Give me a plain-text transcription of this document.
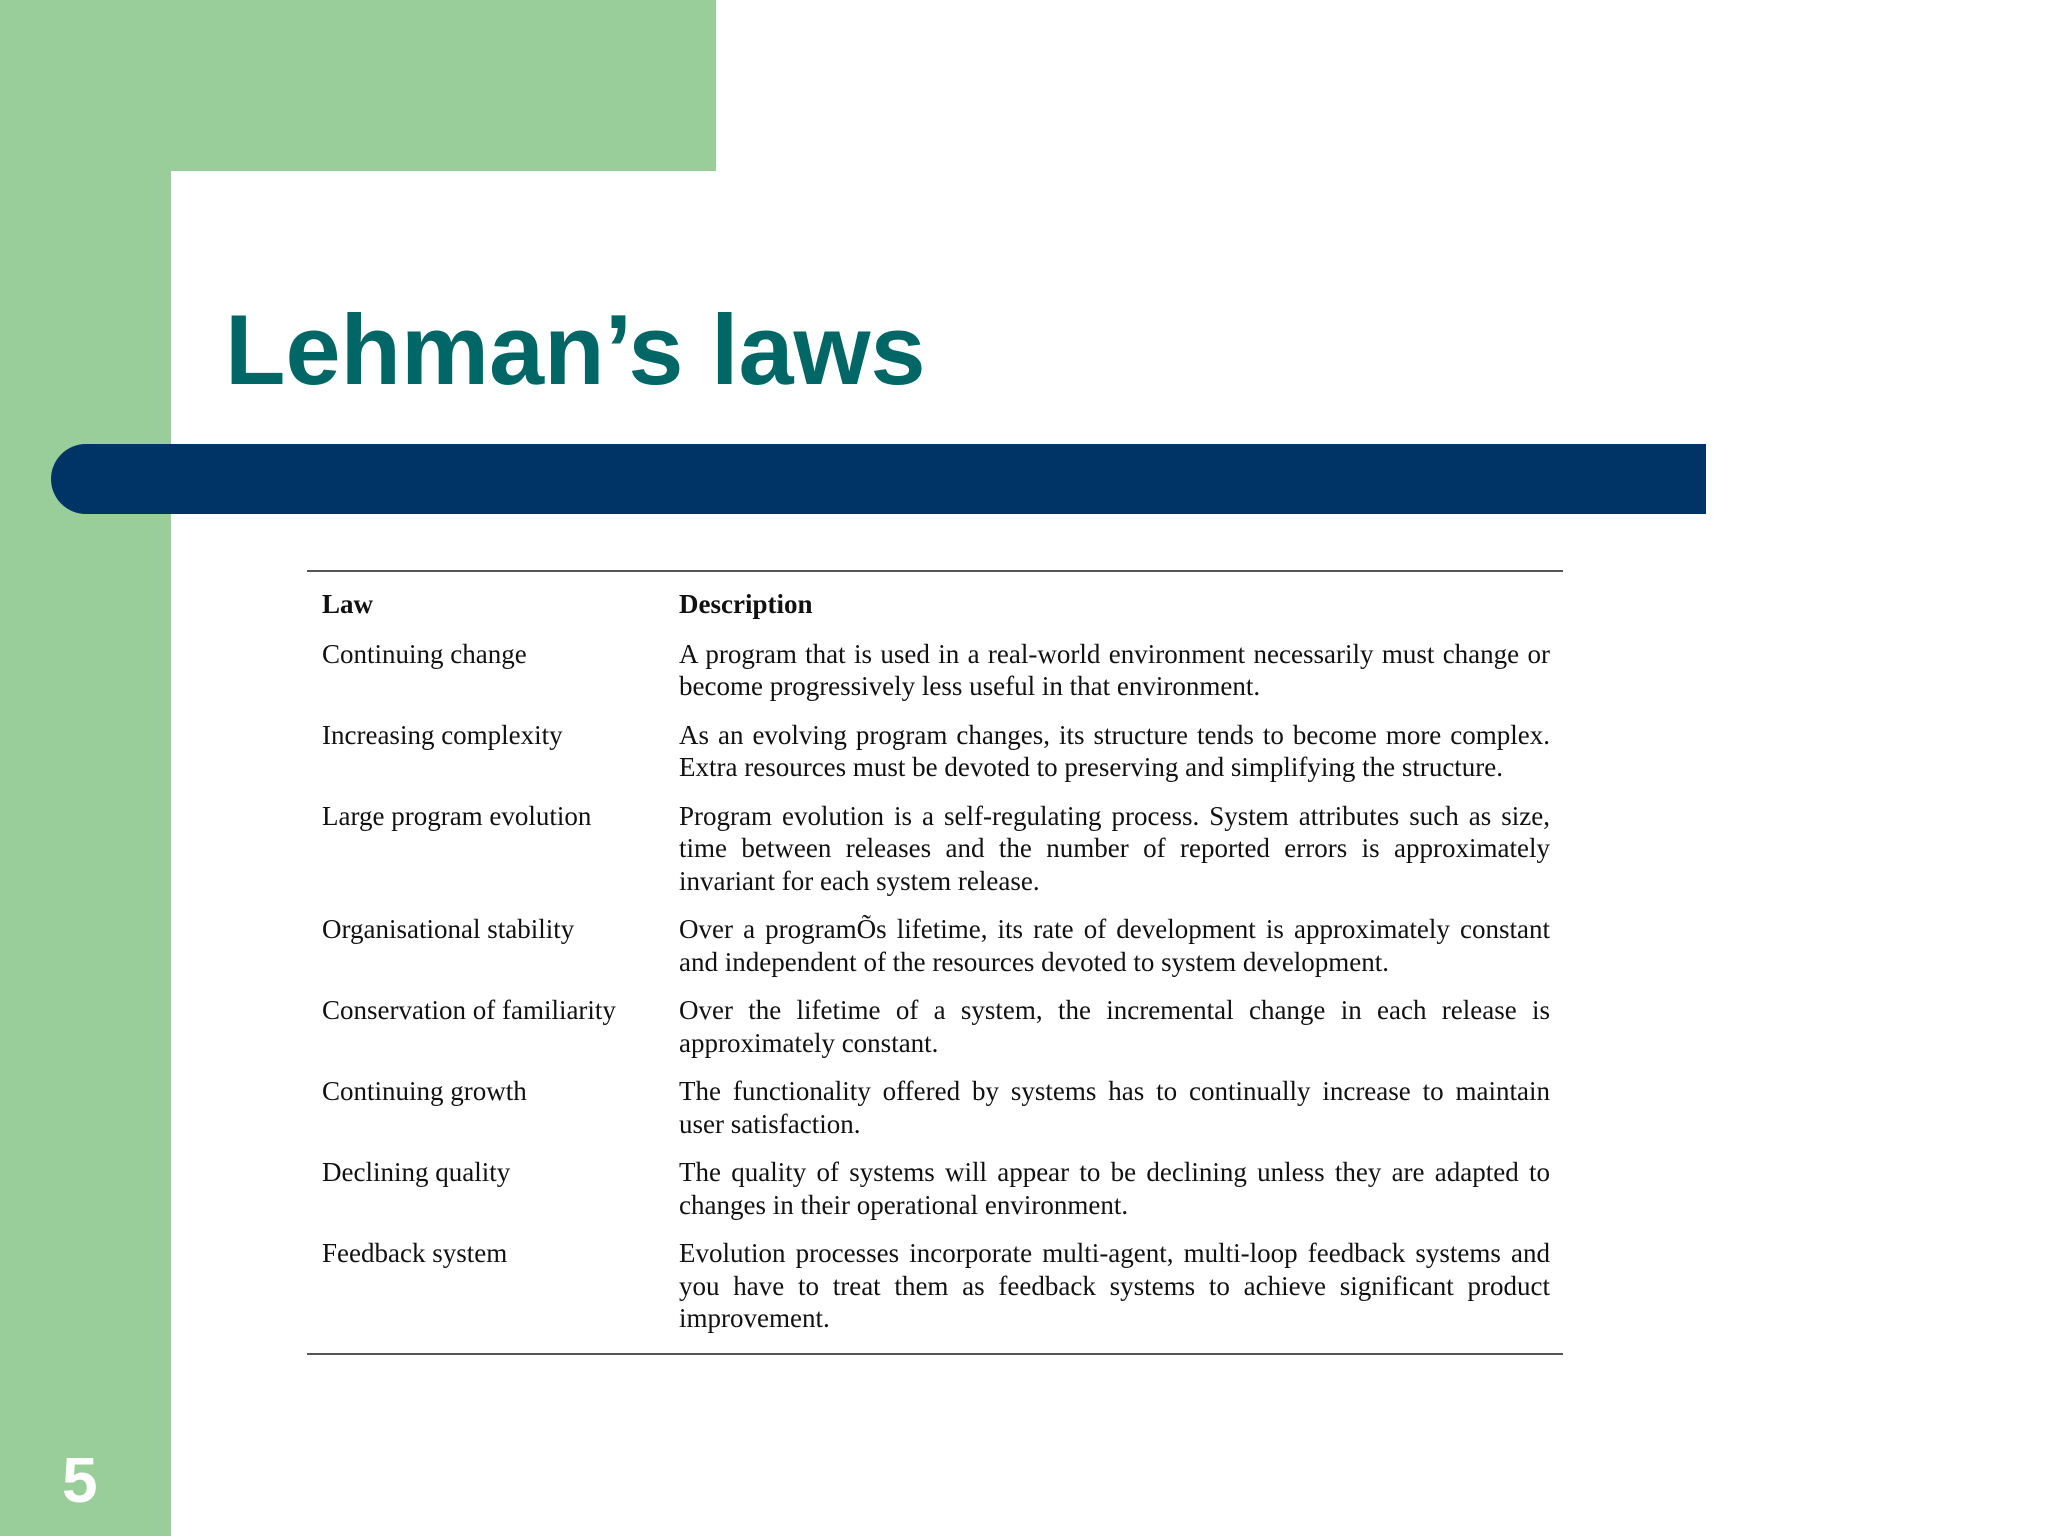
Lehman’s laws
Law	Description
Continuing change	A program that is used in a real-world environment necessarily must change or become progressively less useful in that environment.
Increasing complexity	As an evolving program changes, its structure tends to become more complex. Extra resources must be devoted to preserving and simplifying the structure.
Large program evolution	Program evolution is a self-regulating process. System attributes such as size, time between releases and the number of reported errors is approximately invariant for each system release.
Organisational stability	Over a programÕs lifetime, its rate of development is approximately constant and independent of the resources devoted to system development.
Conservation of familiarity	Over the lifetime of a system, the incremental change in each release is approximately constant.
Continuing growth	The functionality offered by systems has to continually increase to maintain user satisfaction.
Declining quality	The quality of systems will appear to be declining unless they are adapted to changes in their operational environment.
Feedback system	Evolution processes incorporate multi-agent, multi-loop feedback systems and you have to treat them as feedback systems to achieve significant product improvement.
5
